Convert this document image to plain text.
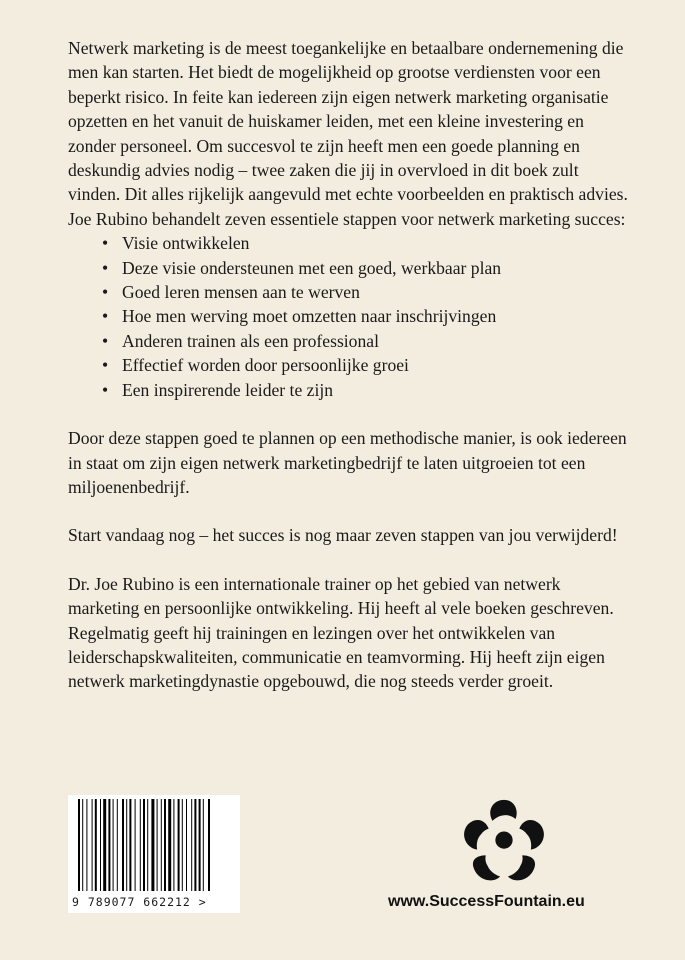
Netwerk marketing is de meest toegankelijke en betaalbare ondernemening die men kan starten. Het biedt de mogelijkheid op grootse verdiensten voor een beperkt risico. In feite kan iedereen zijn eigen netwerk marketing organisatie opzetten en het vanuit de huiskamer leiden, met een kleine investering en zonder personeel. Om succesvol te zijn heeft men een goede planning en deskundig advies nodig – twee zaken die jij in overvloed in dit boek zult vinden. Dit alles rijkelijk aangevuld met echte voorbeelden en praktisch advies. Joe Rubino behandelt zeven essentiele stappen voor netwerk marketing succes:

• Visie ontwikkelen
• Deze visie ondersteunen met een goed, werkbaar plan
• Goed leren mensen aan te werven
• Hoe men werving moet omzetten naar inschrijvingen
• Anderen trainen als een professional
• Effectief worden door persoonlijke groei
• Een inspirerende leider te zijn

Door deze stappen goed te plannen op een methodische manier, is ook iedereen in staat om zijn eigen netwerk marketingbedrijf te laten uitgroeien tot een miljoenenbedrijf.

Start vandaag nog – het succes is nog maar zeven stappen van jou verwijderd!

Dr. Joe Rubino is een internationale trainer op het gebied van netwerk marketing en persoonlijke ontwikkeling. Hij heeft al vele boeken geschreven. Regelmatig geeft hij trainingen en lezingen over het ontwikkelen van leiderschapskwaliteiten, communicatie en teamvorming. Hij heeft zijn eigen netwerk marketingdynastie opgebouwd, die nog steeds verder groeit.

9 789077 662212 >	www.SuccessFountain.eu
